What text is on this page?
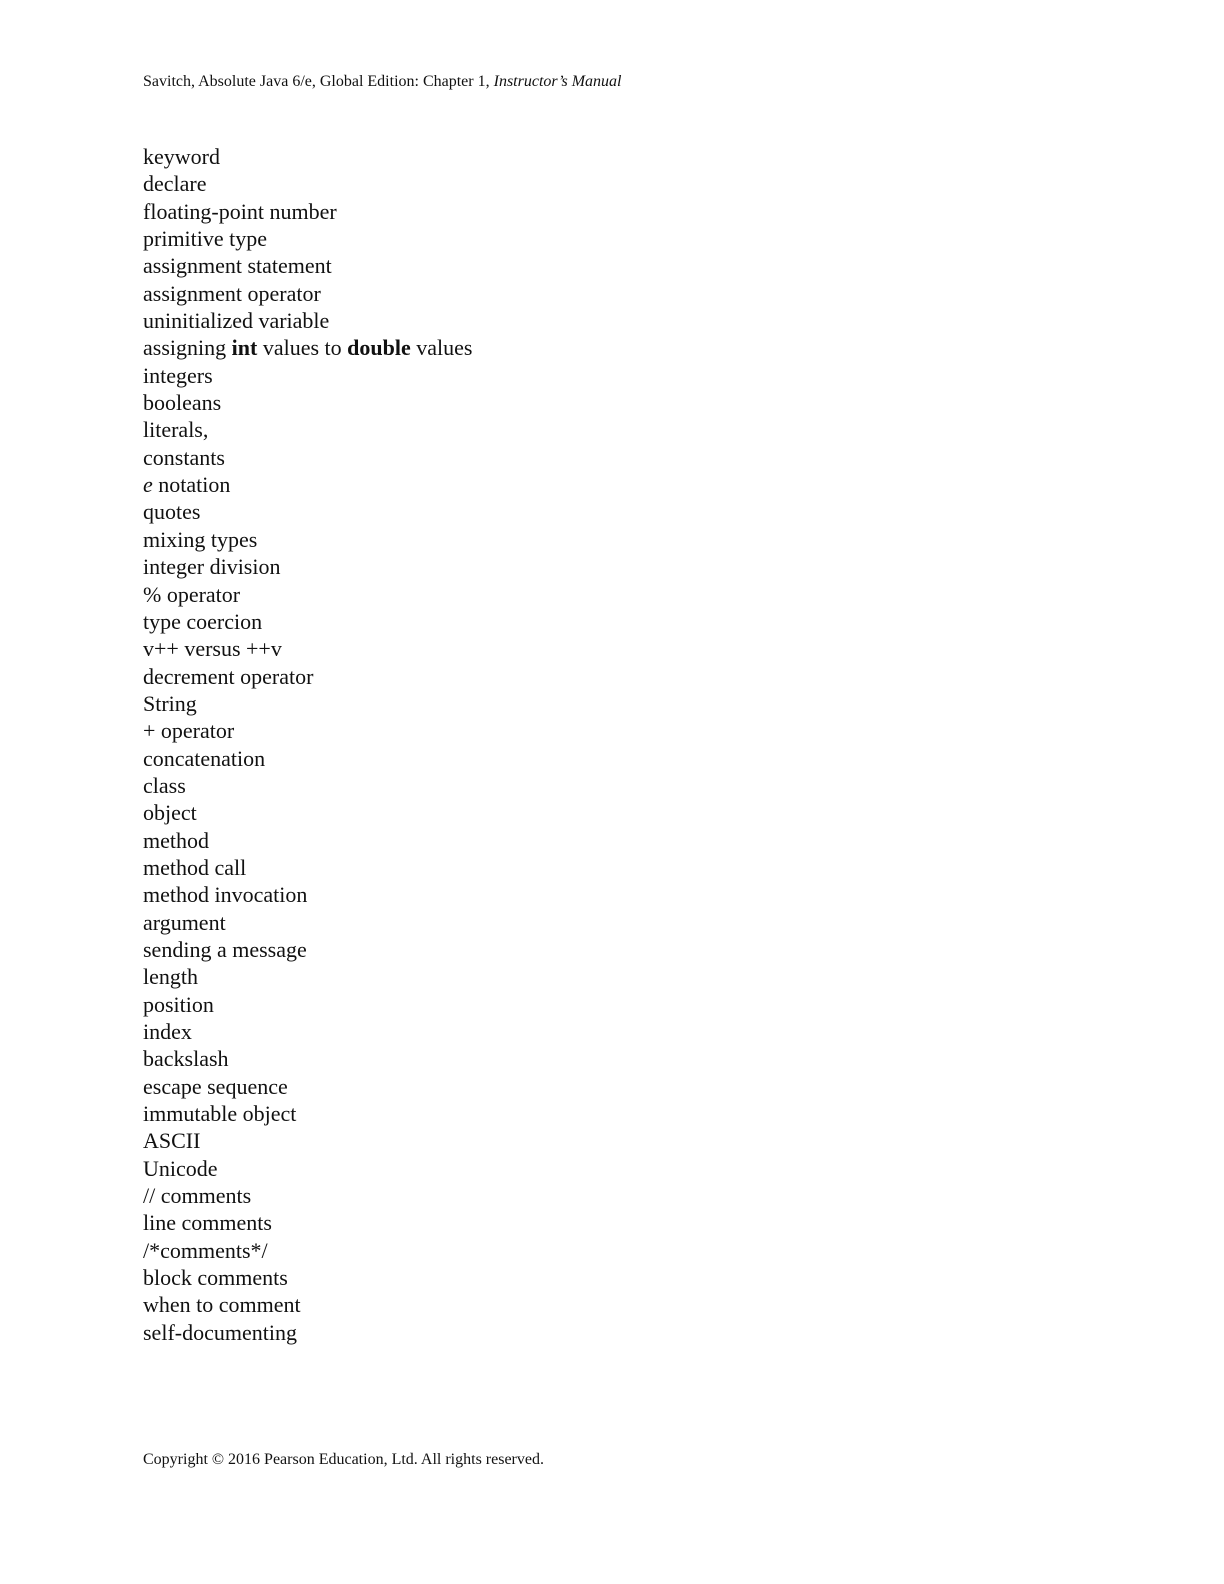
Savitch, Absolute Java 6/e, Global Edition: Chapter 1, Instructor’s Manual
keyword
declare
floating-point number
primitive type
assignment statement
assignment operator
uninitialized variable
assigning int values to double values
integers
booleans
literals,
constants
e notation
quotes
mixing types
integer division
% operator
type coercion
v++ versus ++v
decrement operator
String
+ operator
concatenation
class
object
method
method call
method invocation
argument
sending a message
length
position
index
backslash
escape sequence
immutable object
ASCII
Unicode
// comments
line comments
/*comments*/
block comments
when to comment
self-documenting
Copyright © 2016 Pearson Education, Ltd. All rights reserved.
